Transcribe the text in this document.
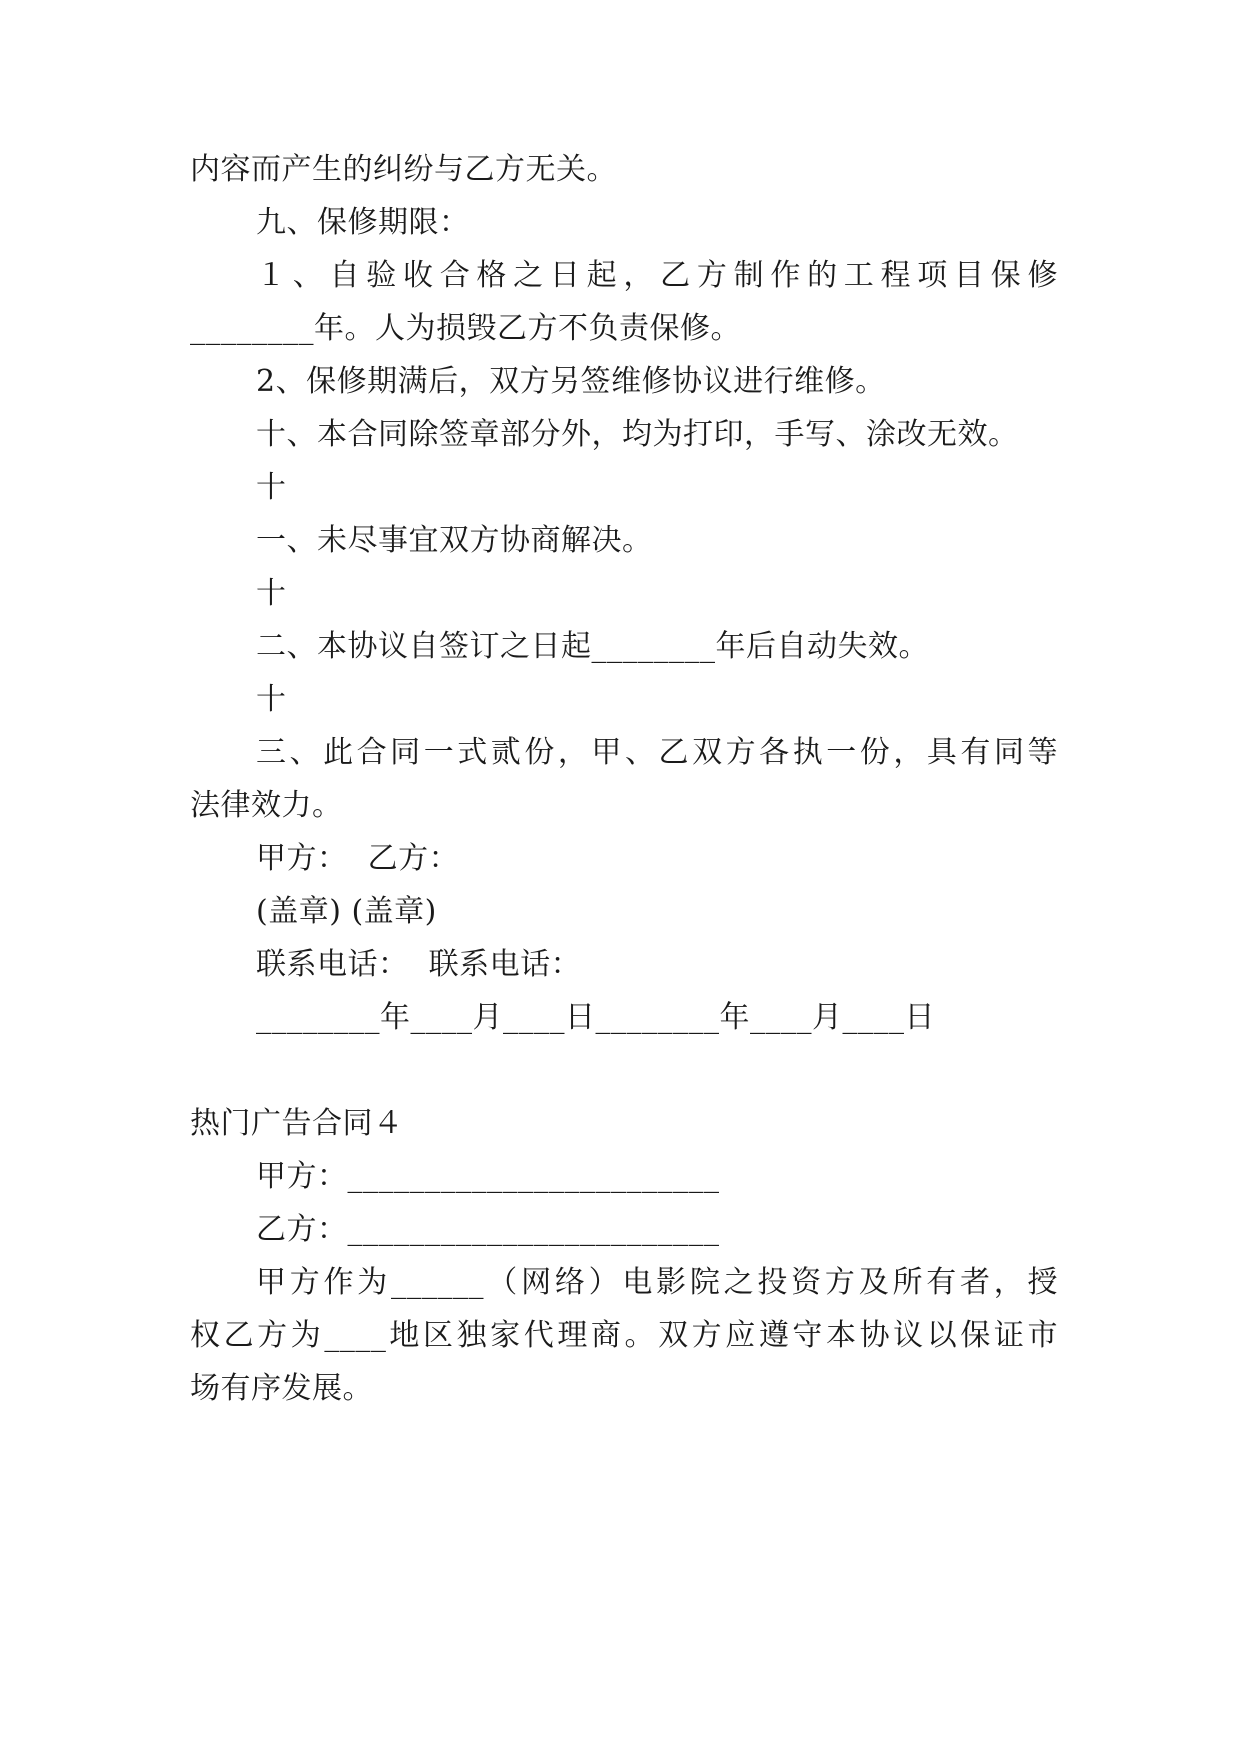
内容而产生的纠纷与乙方无关。
九、保修期限：
１、自验收合格之日起，乙方制作的工程项目保修
________年。人为损毁乙方不负责保修。
2、保修期满后，双方另签维修协议进行维修。
十、本合同除签章部分外，均为打印，手写、涂改无效。
十
一、未尽事宜双方协商解决。
十
二、本协议自签订之日起________年后自动失效。
十
三、此合同一式贰份，甲、乙双方各执一份，具有同等
法律效力。
甲方：  乙方：
(盖章) (盖章)
联系电话：  联系电话：
________年____月____日________年____月____日
热门广告合同４
甲方：________________________
乙方：________________________
甲方作为______（网络）电影院之投资方及所有者，授
权乙方为____地区独家代理商。双方应遵守本协议以保证市
场有序发展。
